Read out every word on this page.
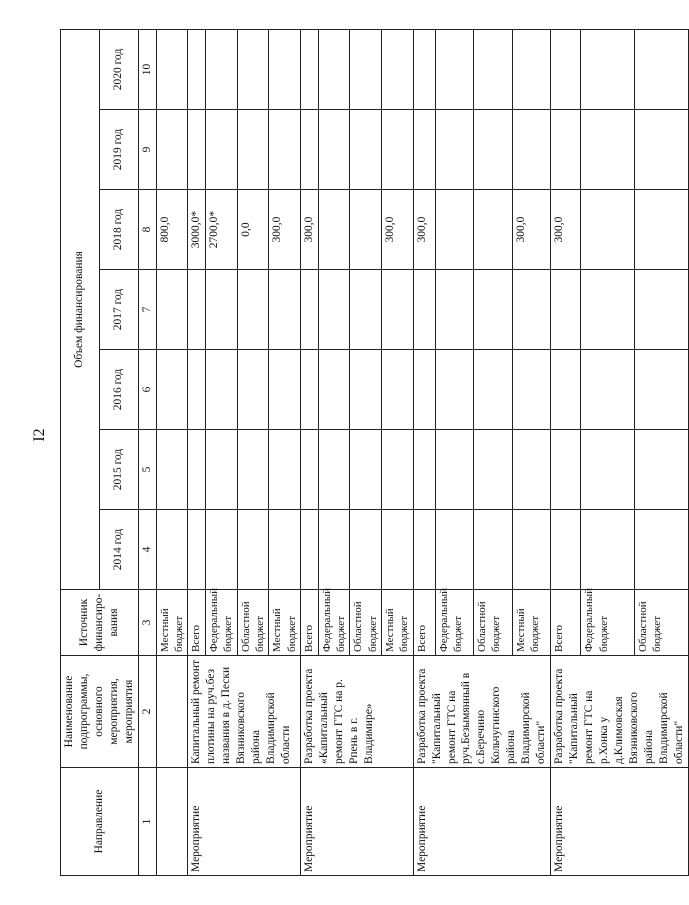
I2
Направление	Наименование подпрограммы, основного мероприятия, мероприятия	Источник финансиро-вания	Объем финансирования						
			2014 год	2015 год	2016 год	2017 год	2018 год	2019 год	2020 год
1	2	3	4	5	6	7	8	9	10
		Местный бюджет					800,0		
Мероприятие	Капитальный ремонт плотины на руч.без названия в д. Пески Вязниковского района Владимирской области	Всего					3000,0*		
		Федеральный бюджет					2700,0*		
		Областной бюджет					0,0		
		Местный бюджет					300,0		
Мероприятие	Разработка проекта «Капитальный ремонт ГТС на р. Рпень в г. Владимире»	Всего					300,0		
		Федеральный бюджет							
		Областной бюджет							
		Местный бюджет					300,0		
Мероприятие	Разработка проекта "Капитальный ремонт ГТС на руч.Безымянный в с.Беречино Кольчугинского района Владимирской области"	Всего					300,0		
		Федеральный бюджет							
		Областной бюджет							
		Местный бюджет					300,0		
Мероприятие	Разработка проекта "Капитальный ремонт ГТС на р.Хонка у д.Климовская Вязниковского района Владимирской области"	Всего					300,0		
		Федеральный бюджет							
		Областной бюджет							
